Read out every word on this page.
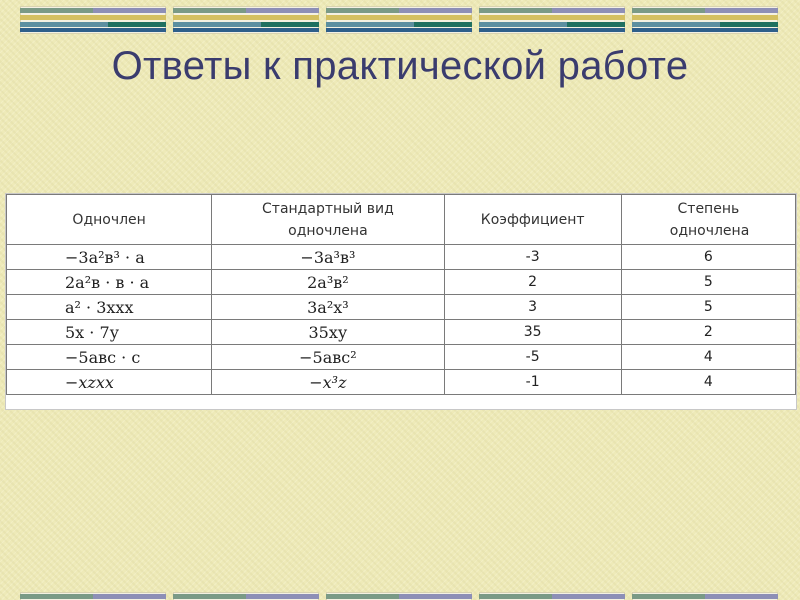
Ответы к практической работе
Одночлен	Стандартный вид одночлена	Коэффициент	Степень одночлена
−3а²в³ · а	−3а³в³	-3	6
2а²в · в · а	2а³в²	2	5
а² · 3ххх	3а²х³	3	5
5х · 7у	35ху	35	2
−5авс · с	−5авс²	-5	4
−xzxx	−x³z	-1	4
